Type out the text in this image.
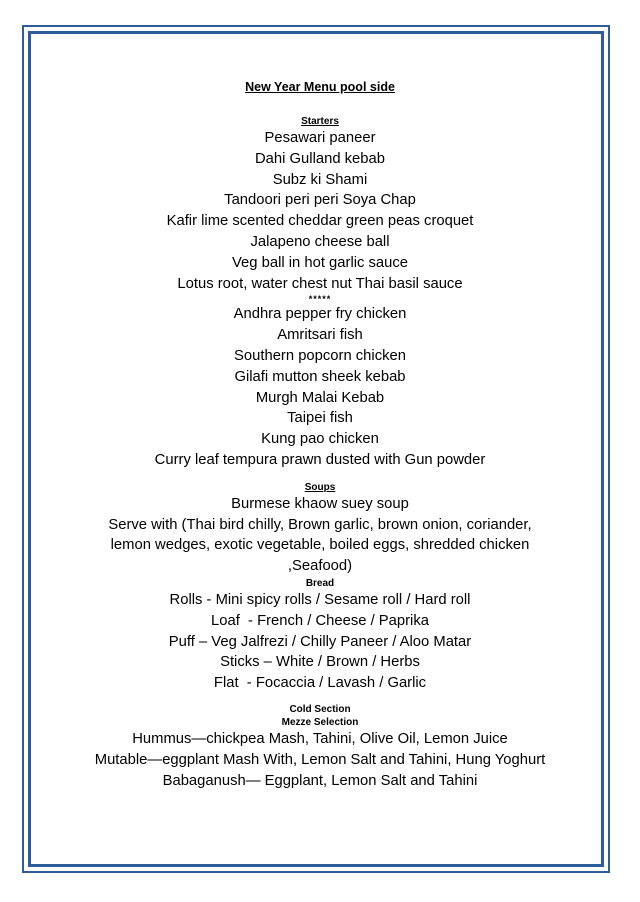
New Year Menu pool side
Starters
Pesawari paneer
Dahi Gulland kebab
Subz ki Shami
Tandoori peri peri Soya Chap
Kafir lime scented cheddar green peas croquet
Jalapeno cheese ball
Veg ball in hot garlic sauce
Lotus root, water chest nut Thai basil sauce
*****
Andhra pepper fry chicken
Amritsari fish
Southern popcorn chicken
Gilafi mutton sheek kebab
Murgh Malai Kebab
Taipei fish
Kung pao chicken
Curry leaf tempura prawn dusted with Gun powder
Soups
Burmese khaow suey soup
Serve with (Thai bird chilly, Brown garlic, brown onion, coriander,
lemon wedges, exotic vegetable, boiled eggs, shredded chicken
,Seafood)
Bread
Rolls - Mini spicy rolls / Sesame roll / Hard roll
Loaf  - French / Cheese / Paprika
Puff – Veg Jalfrezi / Chilly Paneer / Aloo Matar
Sticks – White / Brown / Herbs
Flat  - Focaccia / Lavash / Garlic
Cold Section
Mezze Selection
Hummus—chickpea Mash, Tahini, Olive Oil, Lemon Juice
Mutable—eggplant Mash With, Lemon Salt and Tahini, Hung Yoghurt
Babaganush— Eggplant, Lemon Salt and Tahini
